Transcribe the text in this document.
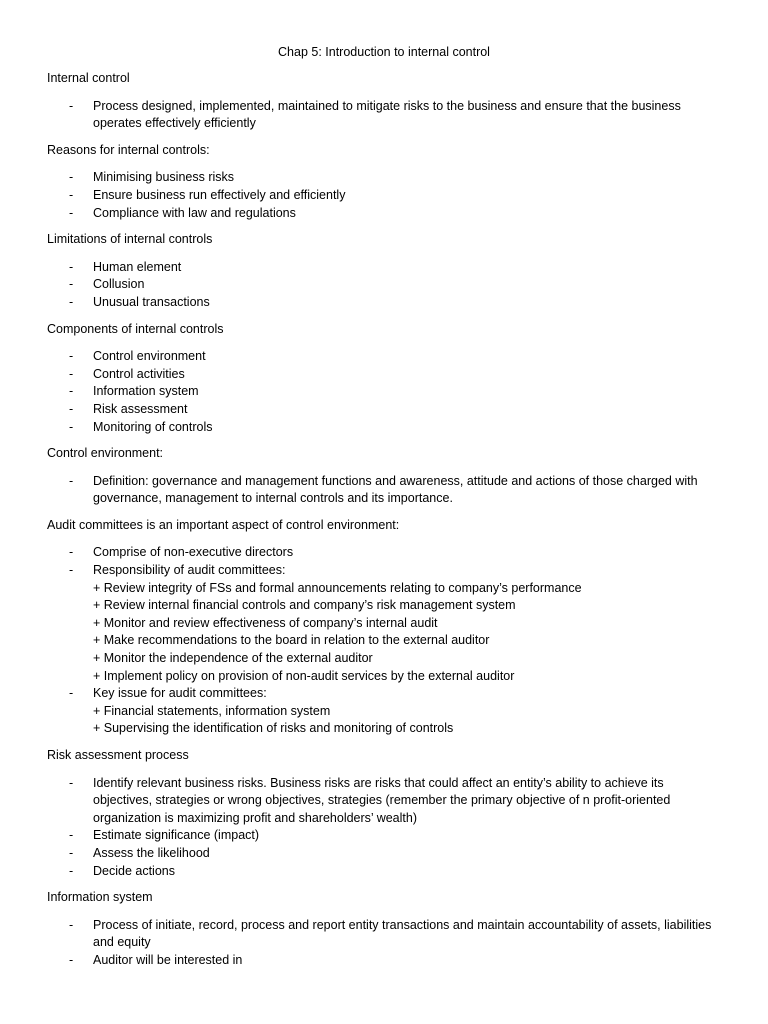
Chap 5: Introduction to internal control
Internal control
- Process designed, implemented, maintained to mitigate risks to the business and ensure that the business operates effectively efficiently
Reasons for internal controls:
- Minimising business risks
- Ensure business run effectively and efficiently
- Compliance with law and regulations
Limitations of internal controls
- Human element
- Collusion
- Unusual transactions
Components of internal controls
- Control environment
- Control activities
- Information system
- Risk assessment
- Monitoring of controls
Control environment:
- Definition: governance and management functions and awareness, attitude and actions of those charged with governance, management to internal controls and its importance.
Audit committees is an important aspect of control environment:
- Comprise of non-executive directors
- Responsibility of audit committees:
+ Review integrity of FSs and formal announcements relating to company’s performance
+ Review internal financial controls and company’s risk management system
+ Monitor and review effectiveness of company’s internal audit
+ Make recommendations to the board in relation to the external auditor
+ Monitor the independence of the external auditor
+ Implement policy on provision of non-audit services by the external auditor
- Key issue for audit committees:
+ Financial statements, information system
+ Supervising the identification of risks and monitoring of controls
Risk assessment process
- Identify relevant business risks. Business risks are risks that could affect an entity’s ability to achieve its objectives, strategies or wrong objectives, strategies (remember the primary objective of n profit-oriented organization is maximizing profit and shareholders’ wealth)
- Estimate significance (impact)
- Assess the likelihood
- Decide actions
Information system
- Process of initiate, record, process and report entity transactions and maintain accountability of assets, liabilities and equity
- Auditor will be interested in
